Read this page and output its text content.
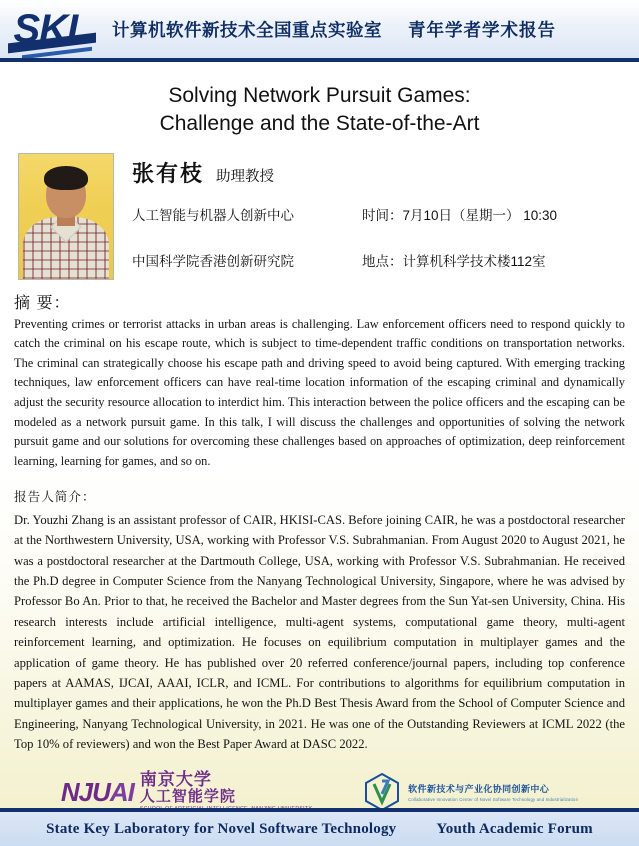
SKL 计算机软件新技术全国重点实验室 青年学者学术报告
Solving Network Pursuit Games:
Challenge and the State-of-the-Art
张有枝 助理教授
人工智能与机器人创新中心	时间：7月10日（星期一） 10:30
中国科学院香港创新研究院	地点：计算机科学技术楼112室
摘 要：
Preventing crimes or terrorist attacks in urban areas is challenging. Law enforcement officers need to respond quickly to catch the criminal on his escape route, which is subject to time-dependent traffic conditions on transportation networks. The criminal can strategically choose his escape path and driving speed to avoid being captured. With emerging tracking techniques, law enforcement officers can have real-time location information of the escaping criminal and dynamically adjust the security resource allocation to interdict him. This interaction between the police officers and the escaping can be modeled as a network pursuit game. In this talk, I will discuss the challenges and opportunities of solving the network pursuit game and our solutions for overcoming these challenges based on approaches of optimization, deep reinforcement learning, learning for games, and so on.
报告人简介：
Dr. Youzhi Zhang is an assistant professor of CAIR, HKISI-CAS. Before joining CAIR, he was a postdoctoral researcher at the Northwestern University, USA, working with Professor V.S. Subrahmanian. From August 2020 to August 2021, he was a postdoctoral researcher at the Dartmouth College, USA, working with Professor V.S. Subrahmanian. He received the Ph.D degree in Computer Science from the Nanyang Technological University, Singapore, where he was advised by Professor Bo An. Prior to that, he received the Bachelor and Master degrees from the Sun Yat-sen University, China. His research interests include artificial intelligence, multi-agent systems, computational game theory, multi-agent reinforcement learning, and optimization. He focuses on equilibrium computation in multiplayer games and the application of game theory. He has published over 20 referred conference/journal papers, including top conference papers at AAMAS, IJCAI, AAAI, ICLR, and ICML. For contributions to algorithms for equilibrium computation in multiplayer games and their applications, he won the Ph.D Best Thesis Award from the School of Computer Science and Engineering, Nanyang Technological University, in 2021. He was one of the Outstanding Reviewers at ICML 2022 (the Top 10% of reviewers) and won the Best Paper Award at DASC 2022.
NJUAI 南京大学
人工智能学院	软件新技术与产业化协同创新中心
Collaborative Innovation Center of Novel Software Technology and Industrialization
State Key Laboratory for Novel Software Technology	Youth Academic Forum
